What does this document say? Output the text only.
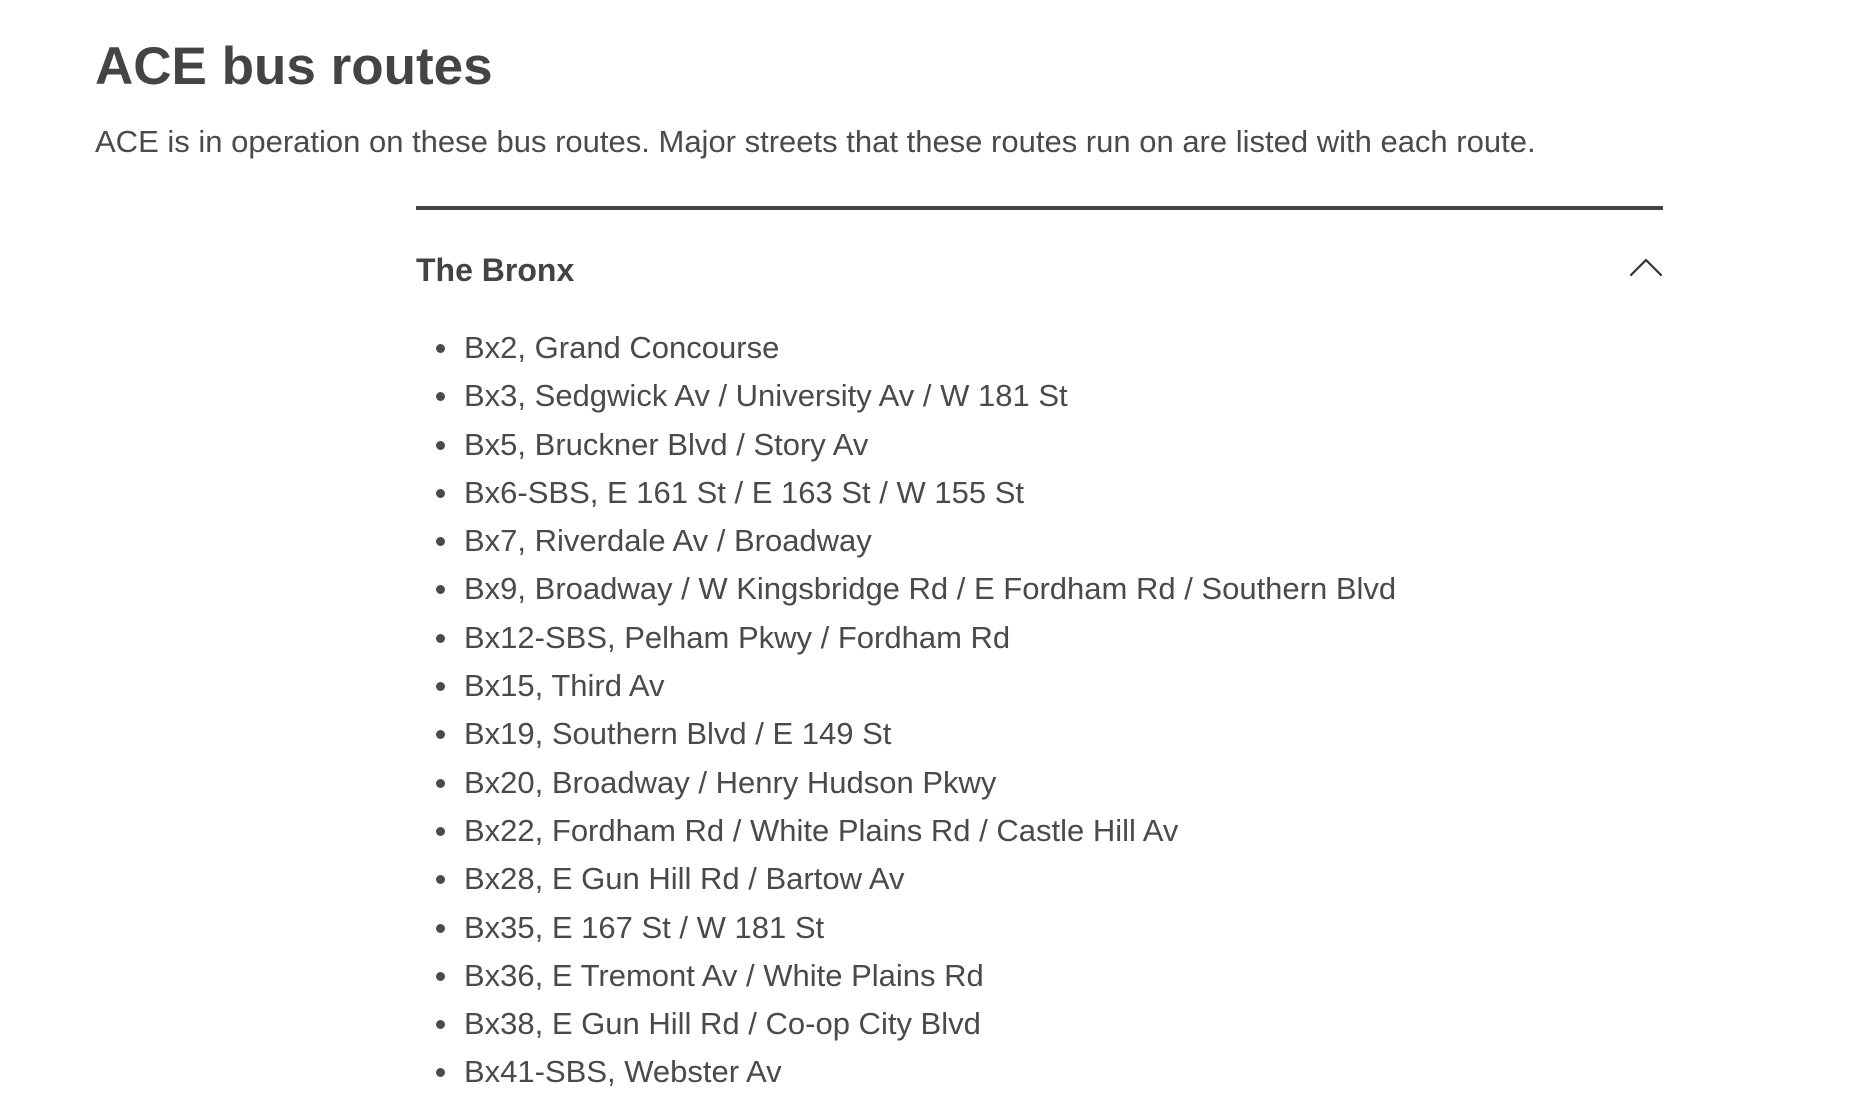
ACE bus routes

ACE is in operation on these bus routes. Major streets that these routes run on are listed with each route.

The Bronx
Bx2, Grand Concourse
Bx3, Sedgwick Av / University Av / W 181 St
Bx5, Bruckner Blvd / Story Av
Bx6-SBS, E 161 St / E 163 St / W 155 St
Bx7, Riverdale Av / Broadway
Bx9, Broadway / W Kingsbridge Rd / E Fordham Rd / Southern Blvd
Bx12-SBS, Pelham Pkwy / Fordham Rd
Bx15, Third Av
Bx19, Southern Blvd / E 149 St
Bx20, Broadway / Henry Hudson Pkwy
Bx22, Fordham Rd / White Plains Rd / Castle Hill Av
Bx28, E Gun Hill Rd / Bartow Av
Bx35, E 167 St / W 181 St
Bx36, E Tremont Av / White Plains Rd
Bx38, E Gun Hill Rd / Co-op City Blvd
Bx41-SBS, Webster Av
